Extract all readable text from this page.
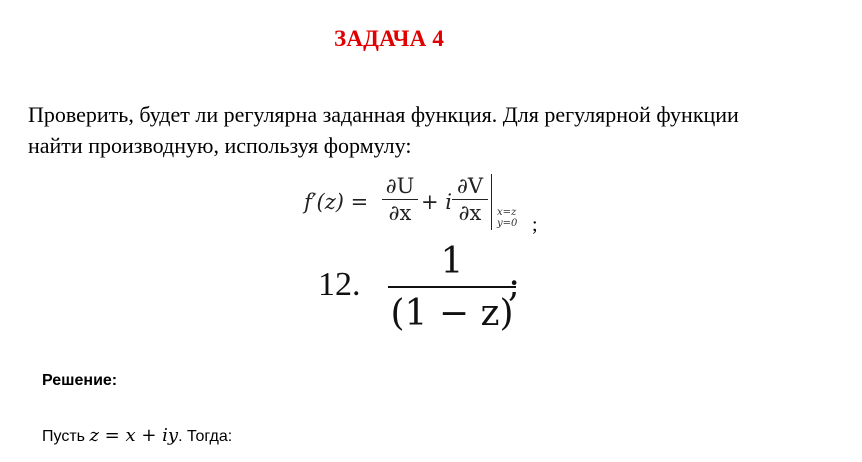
ЗАДАЧА 4

Проверить, будет ли регулярна заданная функция. Для регулярной функции

найти производную, используя формулу:

f′(z) =
∂U
∂x + i
∂V
∂x	x=z
y=0 ;
12.
1
(1 − z)
;
Решение:
Пусть z = x + iy. Тогда:
